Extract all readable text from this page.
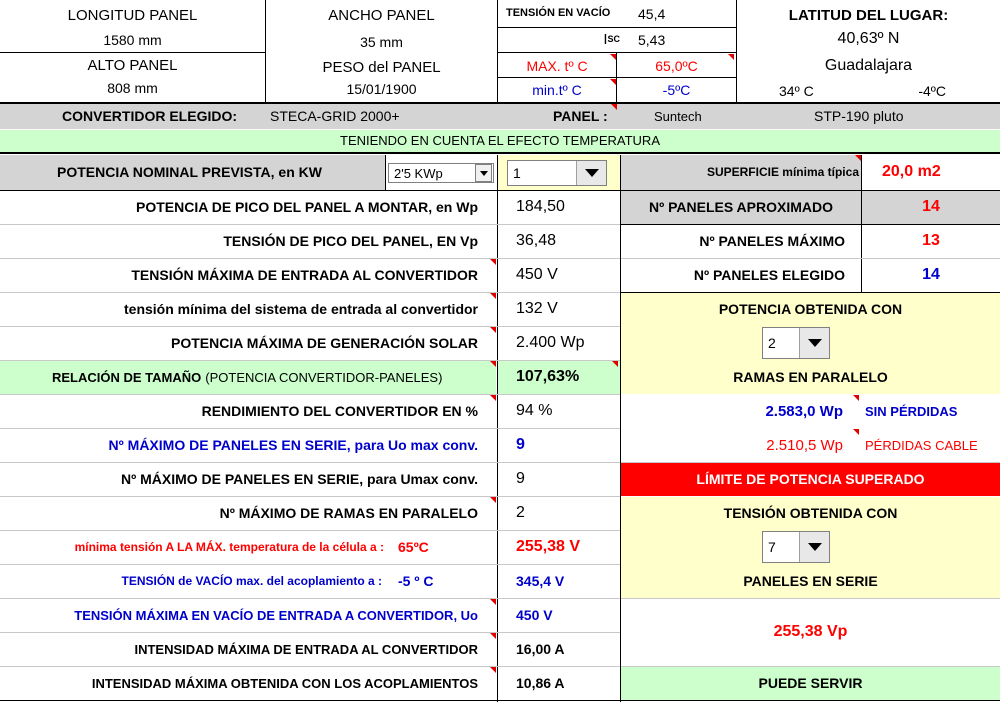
LONGITUD PANEL
1580 mm
ALTO PANEL
808 mm
ANCHO PANEL
35 mm
PESO del PANEL
15/01/1900
TENSIÓN EN VACÍO	45,4
I SC	5,43
MAX. tº C	65,0ºC
min.tº C	-5ºC
LATITUD DEL LUGAR:
40,63º N
Guadalajara
34º C	-4ºC
CONVERTIDOR ELEGIDO: STECA-GRID 2000+	PANEL :	Suntech	STP-190 pluto
TENIENDO EN CUENTA EL EFECTO TEMPERATURA
POTENCIA NOMINAL PREVISTA, en KW	2'5 KWp	1	SUPERFICIE mínima típica	20,0 m2
POTENCIA DE PICO DEL PANEL A MONTAR, en Wp	184,50
TENSIÓN DE PICO DEL PANEL, EN Vp	36,48
TENSIÓN MÁXIMA DE ENTRADA AL CONVERTIDOR	450 V
tensión mínima del sistema de entrada al convertidor	132 V
POTENCIA MÁXIMA DE GENERACIÓN SOLAR	2.400 Wp
RELACIÓN DE TAMAÑO (POTENCIA CONVERTIDOR-PANELES)	107,63%
RENDIMIENTO DEL CONVERTIDOR EN %	94 %
Nº MÁXIMO DE PANELES EN SERIE, para Uo max conv.	9
Nº MÁXIMO DE PANELES EN SERIE, para Umax conv.	9
Nº MÁXIMO DE RAMAS EN PARALELO	2
mínima tensión A LA MÁX. temperatura de la célula a :	65ºC	255,38 V
TENSIÓN de VACÍO max. del acoplamiento a :	-5 º C	345,4 V
TENSIÓN MÁXIMA EN VACÍO DE ENTRADA A CONVERTIDOR, Uo	450 V
INTENSIDAD MÁXIMA DE ENTRADA AL CONVERTIDOR	16,00 A
INTENSIDAD MÁXIMA OBTENIDA CON LOS ACOPLAMIENTOS	10,86 A
Nº PANELES APROXIMADO	14
Nº PANELES MÁXIMO	13
Nº PANELES ELEGIDO	14
POTENCIA OBTENIDA CON
2
RAMAS EN PARALELO
2.583,0 Wp SIN PÉRDIDAS
2.510,5 Wp PÉRDIDAS CABLE
LÍMITE DE POTENCIA SUPERADO
TENSIÓN OBTENIDA CON
7
PANELES EN SERIE
255,38 Vp
PUEDE SERVIR
